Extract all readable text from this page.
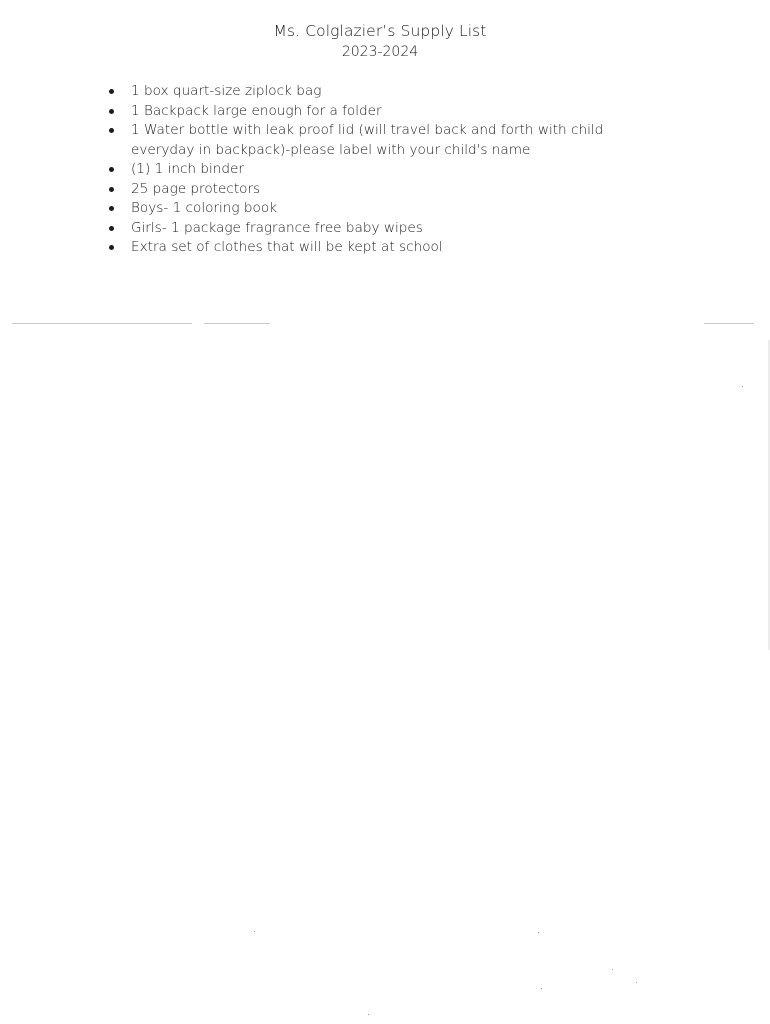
Ms. Colglazier’s Supply List
2023-2024
1 box quart-size ziplock bag
1 Backpack large enough for a folder
1 Water bottle with leak proof lid (will travel back and forth with child everyday in backpack)-please label with your child's name
(1) 1 inch binder
25 page protectors
Boys- 1 coloring book
Girls- 1 package fragrance free baby wipes
Extra set of clothes that will be kept at school
